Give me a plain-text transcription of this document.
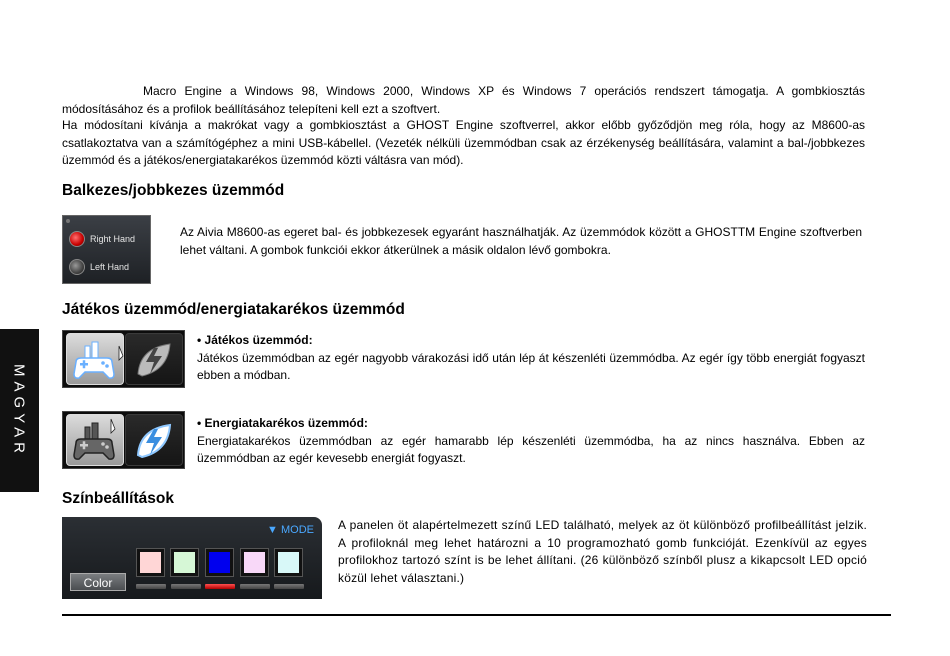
Macro Engine a Windows 98, Windows 2000, Windows XP és Windows 7 operációs rendszert támogatja. A gombkiosztás módosításához és a profilok beállításához telepíteni kell ezt a szoftvert.
Ha módosítani kívánja a makrókat vagy a gombkiosztást a GHOST Engine szoftverrel, akkor előbb győződjön meg róla, hogy az M8600-as csatlakoztatva van a számítógéphez a mini USB-kábellel. (Vezeték nélküli üzemmódban csak az érzékenység beállítására, valamint a bal-/jobbkezes üzemmód és a játékos/energiatakarékos üzemmód közti váltásra van mód).
Balkezes/jobbkezes üzemmód
Right Hand
Left Hand
Az Aivia M8600-as egeret bal- és jobbkezesek egyaránt használhatják. Az üzemmódok között a GHOSTTM Engine szoftverben lehet váltani. A gombok funkciói ekkor átkerülnek a másik oldalon lévő gombokra.
Játékos üzemmód/energiatakarékos üzemmód
• Játékos üzemmód:
Játékos üzemmódban az egér nagyobb várakozási idő után lép át készenléti üzemmódba. Az egér így több energiát fogyaszt ebben a módban.
• Energiatakarékos üzemmód:
Energiatakarékos üzemmódban az egér hamarabb lép készenléti üzemmódba, ha az nincs használva. Ebben az üzemmódban az egér kevesebb energiát fogyaszt.
Színbeállítások
▼ MODE
Color
A panelen öt alapértelmezett színű LED található, melyek az öt különböző profilbeállítást jelzik. A profiloknál meg lehet határozni a 10 programozható gomb funkcióját. Ezenkívül az egyes profilokhoz tartozó színt is be lehet állítani. (26 különböző színből plusz a kikapcsolt LED opció közül lehet választani.)
MAGYAR
